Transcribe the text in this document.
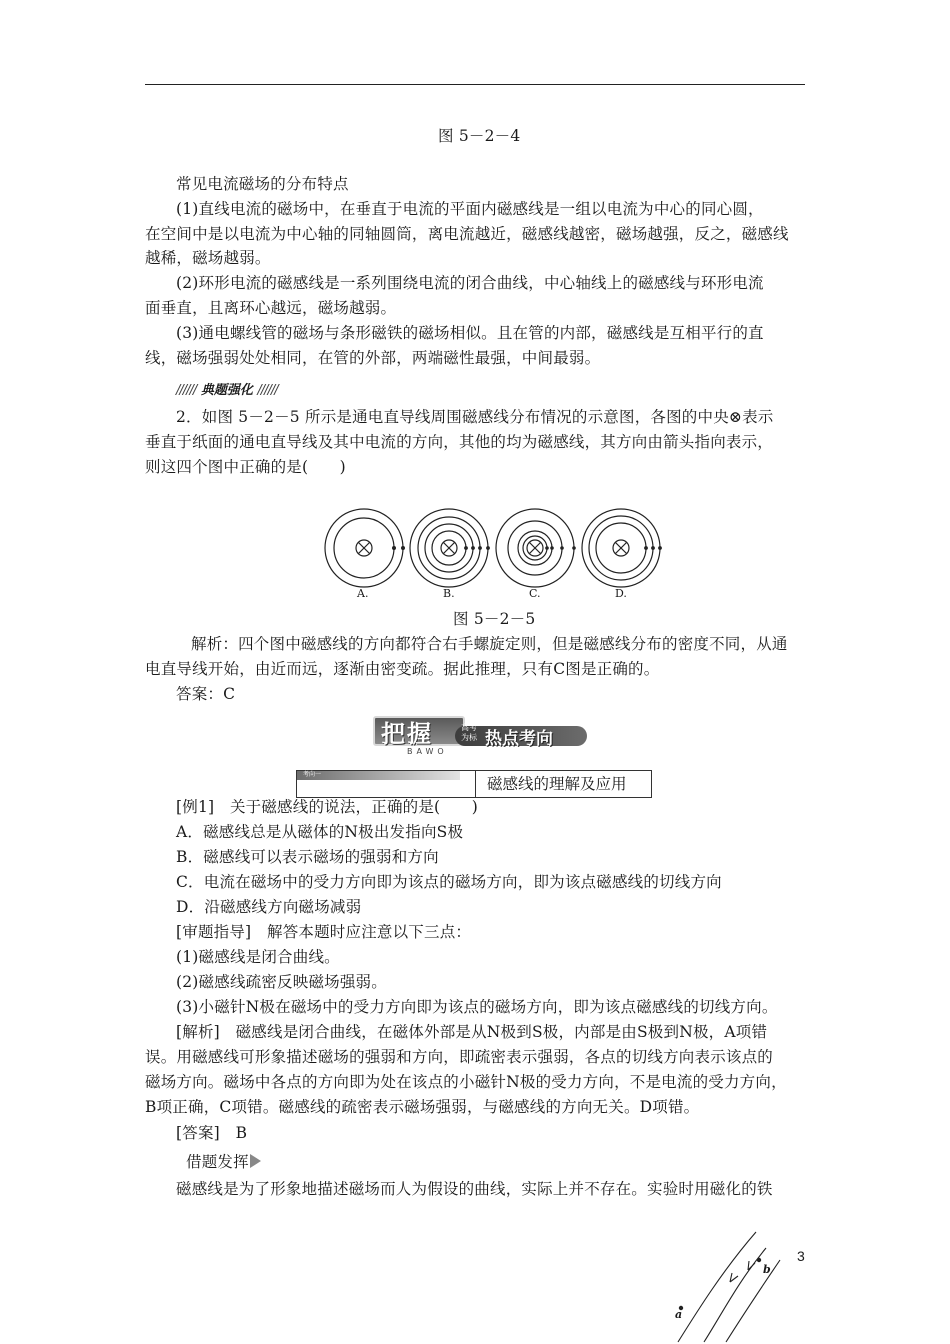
图 5－2－4
常见电流磁场的分布特点
(1)直线电流的磁场中，在垂直于电流的平面内磁感线是一组以电流为中心的同心圆，
在空间中是以电流为中心轴的同轴圆筒，离电流越近，磁感线越密，磁场越强，反之，磁感线
越稀，磁场越弱。
(2)环形电流的磁感线是一系列围绕电流的闭合曲线，中心轴线上的磁感线与环形电流
面垂直，且离环心越远，磁场越弱。
(3)通电螺线管的磁场与条形磁铁的磁场相似。且在管的内部，磁感线是互相平行的直
线，磁场强弱处处相同，在管的外部，两端磁性最强，中间最弱。
////// 典题强化 //////
2．如图 5－2－5 所示是通电直导线周围磁感线分布情况的示意图，各图的中央⊗表示
垂直于纸面的通电直导线及其中电流的方向，其他的均为磁感线，其方向由箭头指向表示，
则这四个图中正确的是(　　)
A.	B.	C.	D.
图 5－2－5
解析：四个图中磁感线的方向都符合右手螺旋定则，但是磁感线分布的密度不同，从通
电直导线开始，由近而远，逐渐由密变疏。据此推理，只有C图是正确的。
答案：C
把握	高考
为标 热点考向
BAWO
考向一
磁感线的理解及应用
[例1]　关于磁感线的说法，正确的是(　　)
A．磁感线总是从磁体的N极出发指向S极
B．磁感线可以表示磁场的强弱和方向
C．电流在磁场中的受力方向即为该点的磁场方向，即为该点磁感线的切线方向
D．沿磁感线方向磁场减弱
[审题指导]　解答本题时应注意以下三点：
(1)磁感线是闭合曲线。
(2)磁感线疏密反映磁场强弱。
(3)小磁针N极在磁场中的受力方向即为该点的磁场方向，即为该点磁感线的切线方向。
[解析]　磁感线是闭合曲线，在磁体外部是从N极到S极，内部是由S极到N极，A项错
误。用磁感线可形象描述磁场的强弱和方向，即疏密表示强弱，各点的切线方向表示该点的
磁场方向。磁场中各点的方向即为处在该点的小磁针N极的受力方向，不是电流的受力方向，
B项正确，C项错。磁感线的疏密表示磁场强弱，与磁感线的方向无关。D项错。
[答案]　B
借题发挥
磁感线是为了形象地描述磁场而人为假设的曲线，实际上并不存在。实验时用磁化的铁
3
a
b
